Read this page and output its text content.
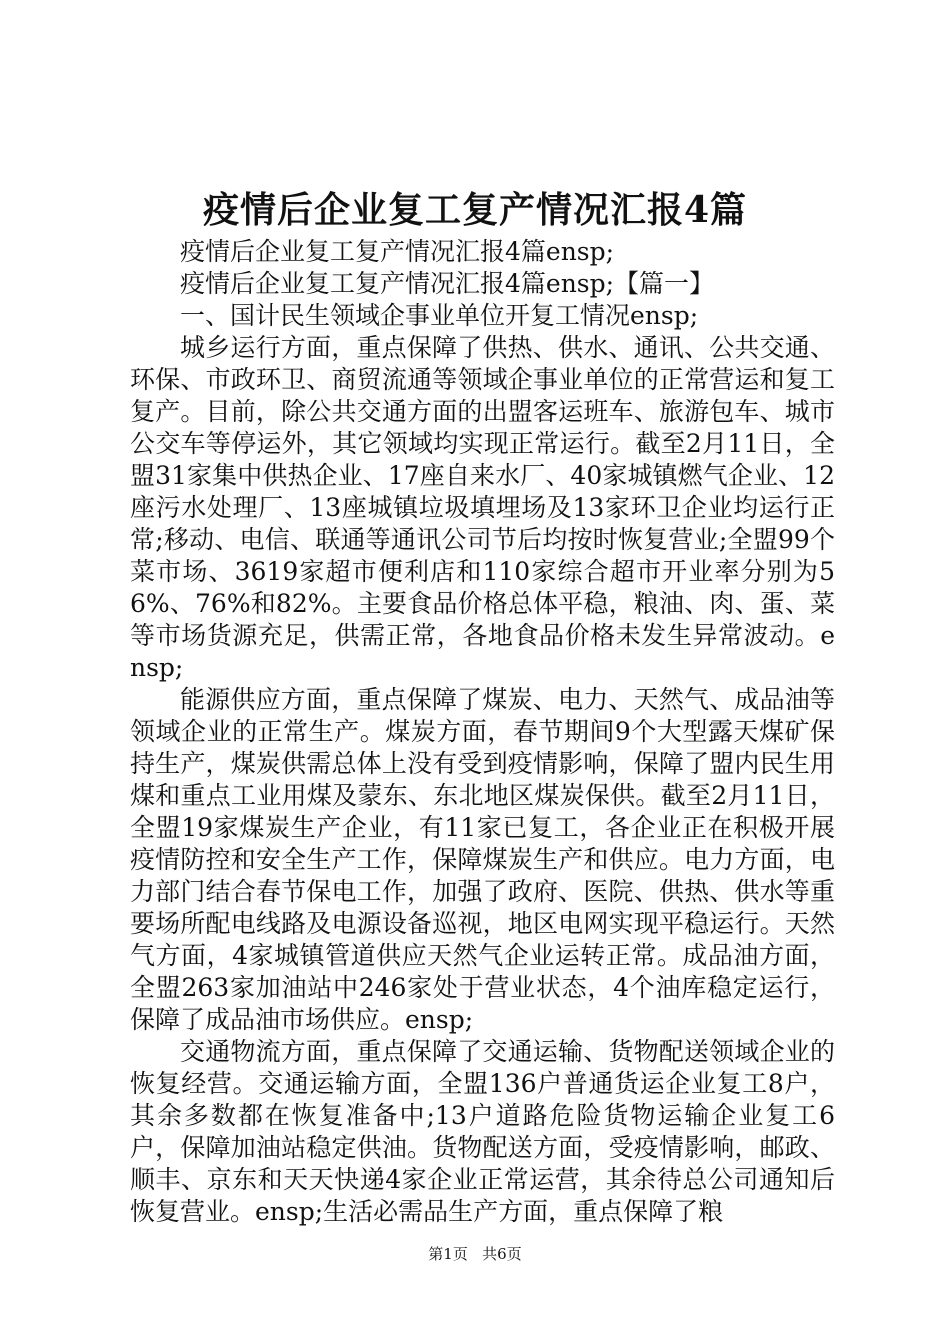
疫情后企业复工复产情况汇报4篇

疫情后企业复工复产情况汇报4篇ensp;

疫情后企业复工复产情况汇报4篇ensp;【篇一】

一、国计民生领域企事业单位开复工情况ensp;

城乡运行方面，重点保障了供热、供水、通讯、公共交通、环保、市政环卫、商贸流通等领域企事业单位的正常营运和复工复产。目前，除公共交通方面的出盟客运班车、旅游包车、城市公交车等停运外，其它领域均实现正常运行。截至2月11日，全盟31家集中供热企业、17座自来水厂、40家城镇燃气企业、12座污水处理厂、13座城镇垃圾填埋场及13家环卫企业均运行正常;移动、电信、联通等通讯公司节后均按时恢复营业;全盟99个菜市场、3619家超市便利店和110家综合超市开业率分别为56%、76%和82%。主要食品价格总体平稳，粮油、肉、蛋、菜等市场货源充足，供需正常，各地食品价格未发生异常波动。ensp;

能源供应方面，重点保障了煤炭、电力、天然气、成品油等领域企业的正常生产。煤炭方面，春节期间9个大型露天煤矿保持生产，煤炭供需总体上没有受到疫情影响，保障了盟内民生用煤和重点工业用煤及蒙东、东北地区煤炭保供。截至2月11日，全盟19家煤炭生产企业，有11家已复工，各企业正在积极开展疫情防控和安全生产工作，保障煤炭生产和供应。电力方面，电力部门结合春节保电工作，加强了政府、医院、供热、供水等重要场所配电线路及电源设备巡视，地区电网实现平稳运行。天然气方面，4家城镇管道供应天然气企业运转正常。成品油方面，全盟263家加油站中246家处于营业状态，4个油库稳定运行，保障了成品油市场供应。ensp;

交通物流方面，重点保障了交通运输、货物配送领域企业的恢复经营。交通运输方面，全盟136户普通货运企业复工8户，其余多数都在恢复准备中;13户道路危险货物运输企业复工6户，保障加油站稳定供油。货物配送方面，受疫情影响，邮政、顺丰、京东和天天快递4家企业正常运营，其余待总公司通知后恢复营业。ensp;生活必需品生产方面，重点保障了粮

第1页 共6页
